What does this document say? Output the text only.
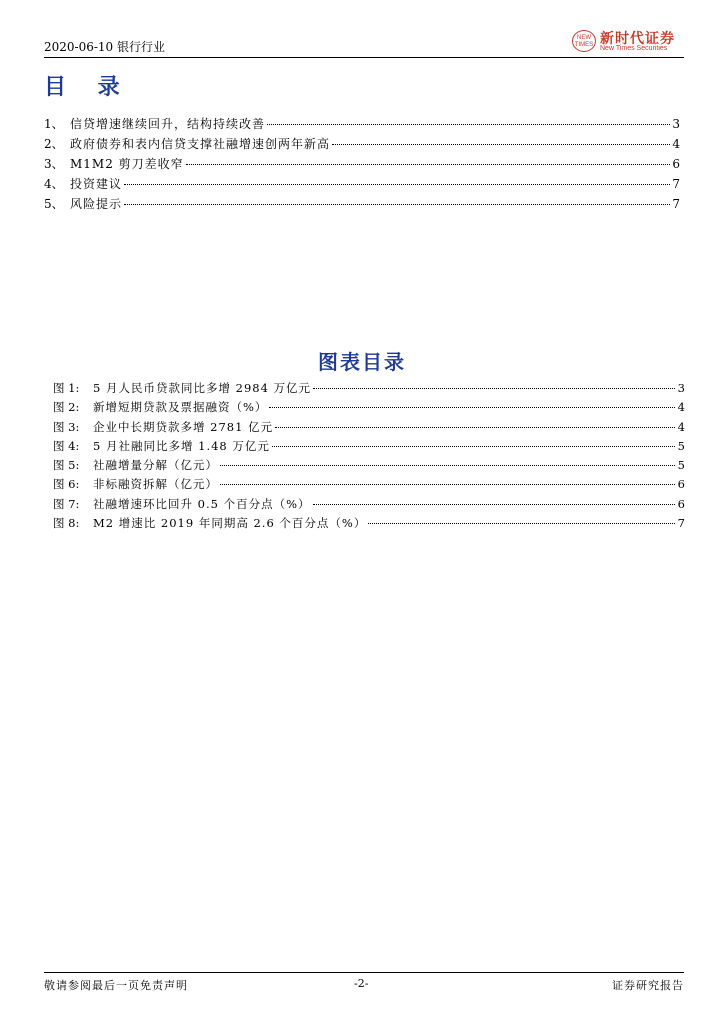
2020-06-10 银行行业
NEW TIMES 新时代证券
New Times Securities
目 录
1、 信贷增速继续回升，结构持续改善	3
2、 政府债券和表内信贷支撑社融增速创两年新高	4
3、 M1M2 剪刀差收窄	6
4、 投资建议	7
5、 风险提示	7
图表目录
图 1:	5 月人民币贷款同比多增 2984 万亿元	3
图 2:	新增短期贷款及票据融资（%）	4
图 3:	企业中长期贷款多增 2781 亿元	4
图 4:	5 月社融同比多增 1.48 万亿元	5
图 5:	社融增量分解（亿元）	5
图 6:	非标融资拆解（亿元）	6
图 7:	社融增速环比回升 0.5 个百分点（%）	6
图 8:	M2 增速比 2019 年同期高 2.6 个百分点（%）	7
敬请参阅最后一页免责声明	-2-	证券研究报告
